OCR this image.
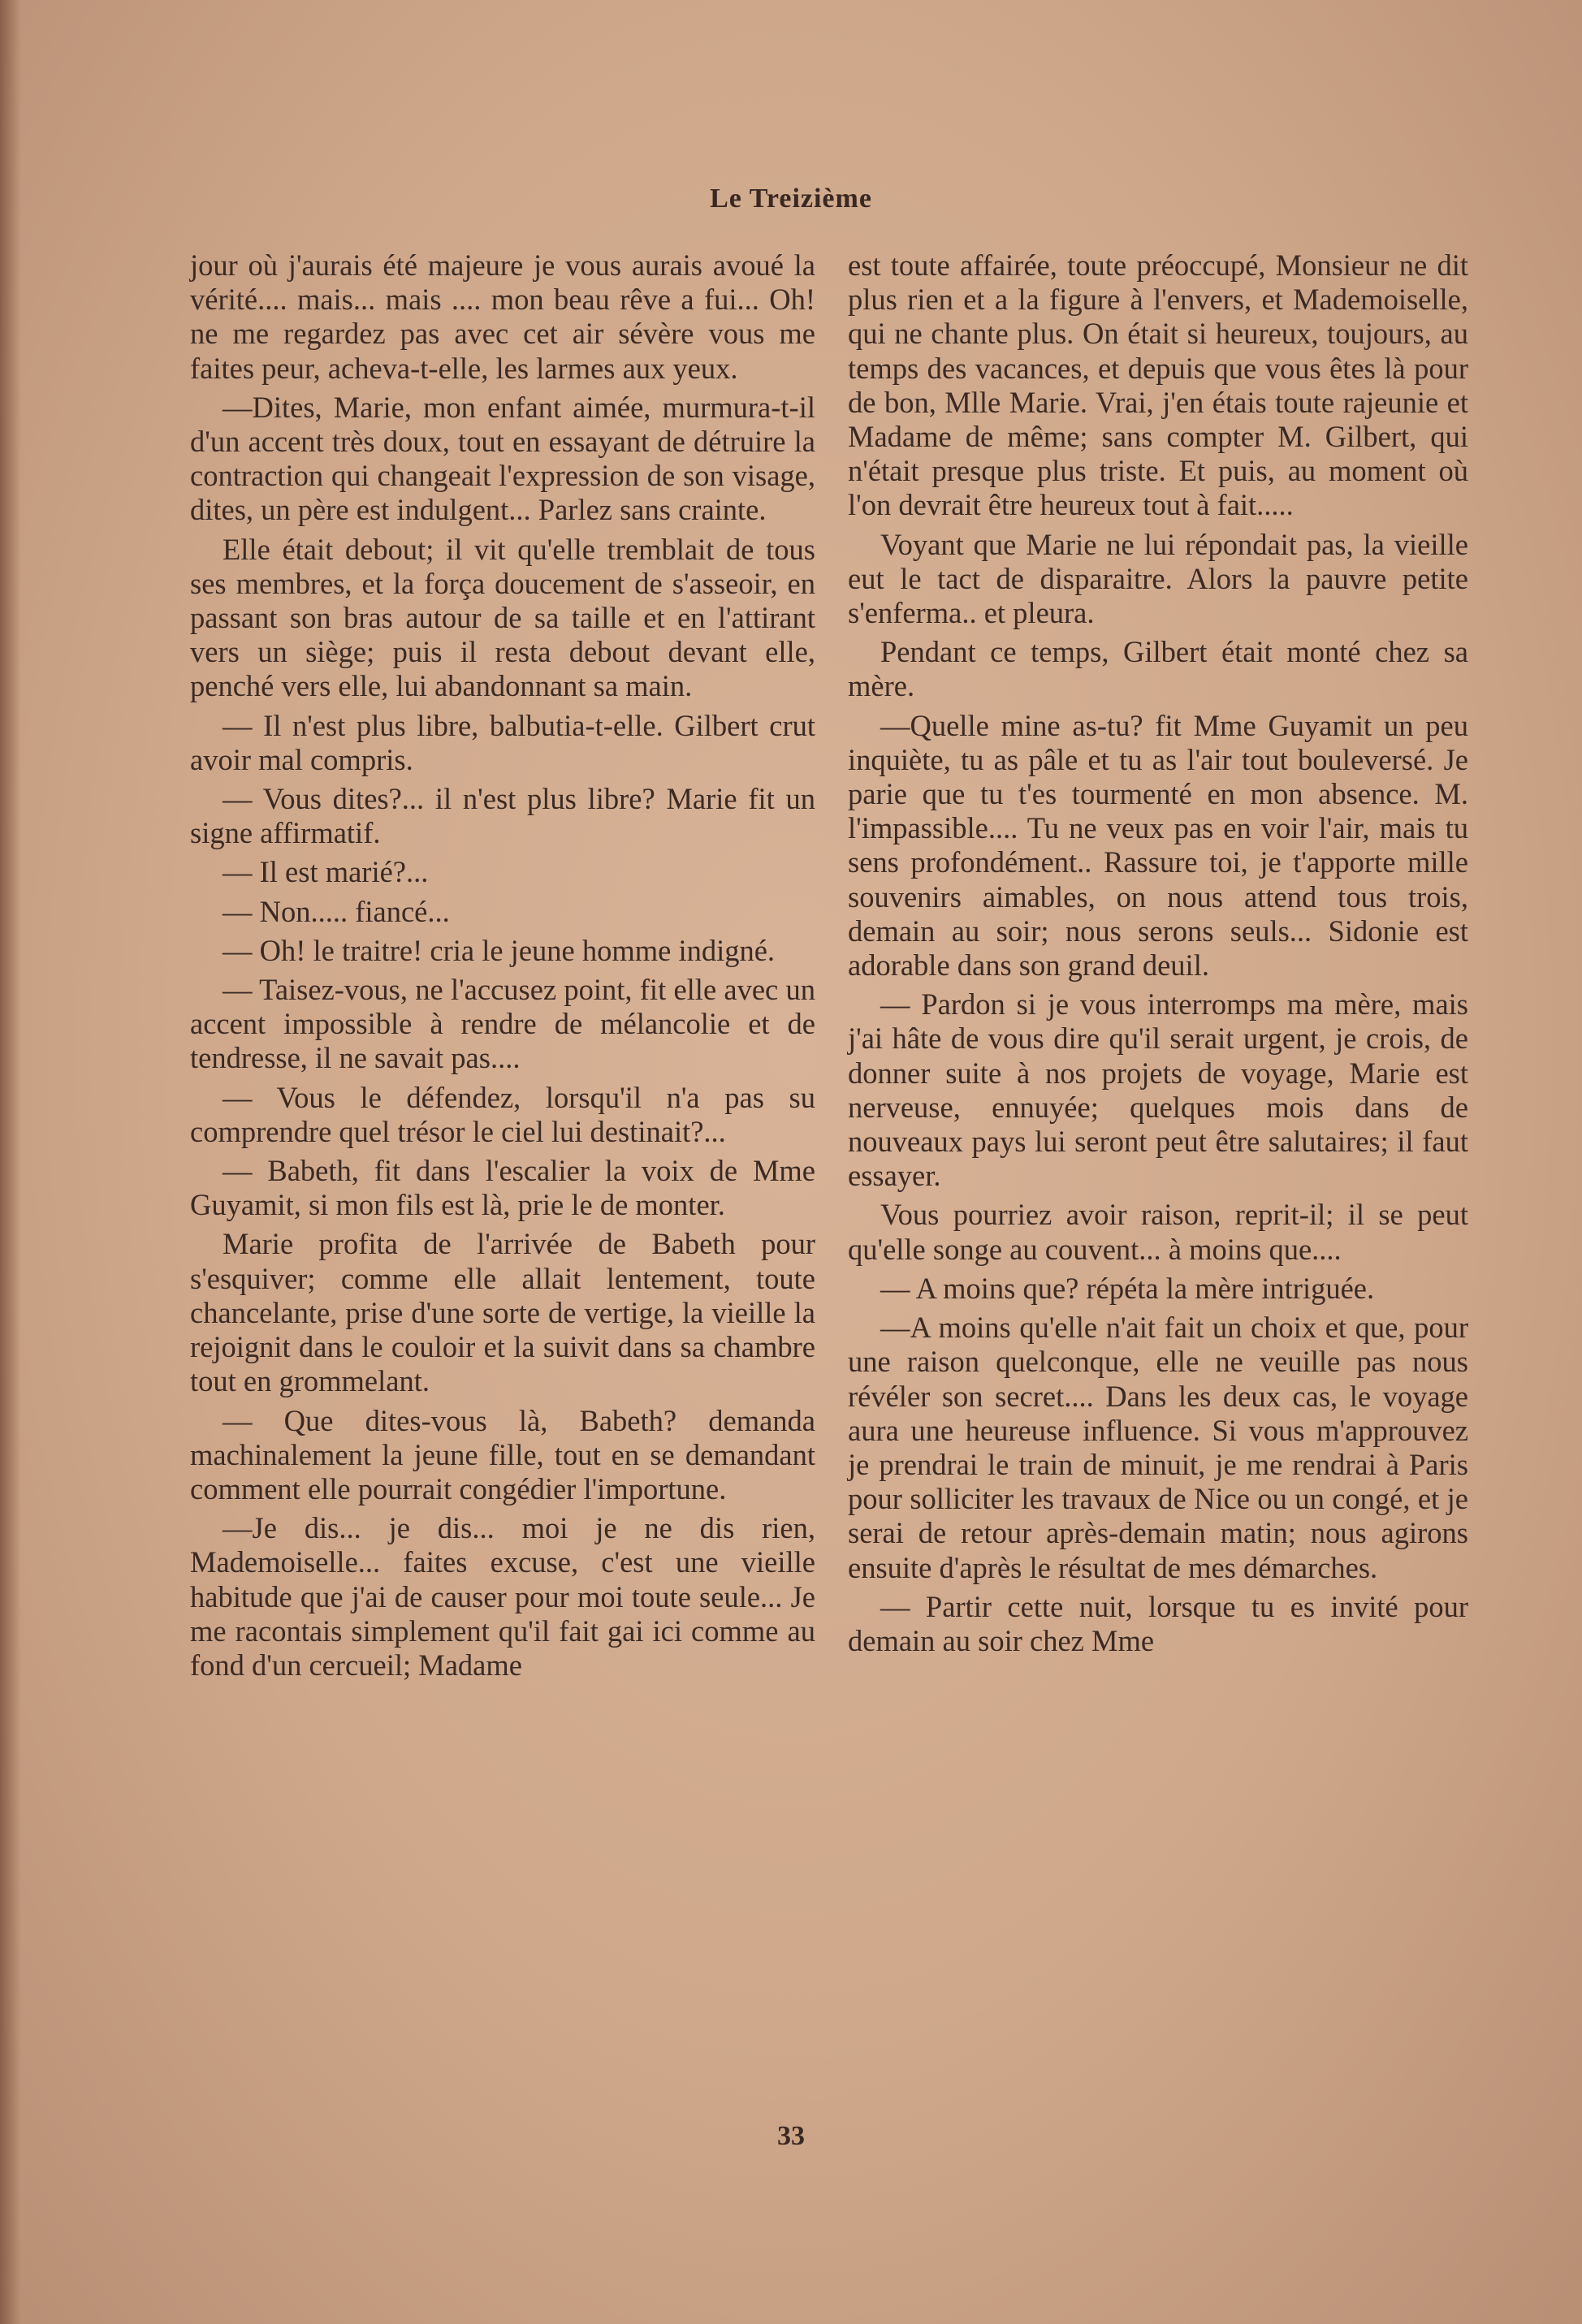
Le Treizième

jour où j'aurais été majeure je vous aurais avoué la vérité.... mais... mais .... mon beau rêve a fui... Oh! ne me regardez pas avec cet air sévère vous me faites peur, acheva-t-elle, les larmes aux yeux.

—Dites, Marie, mon enfant aimée, murmura-t-il d'un accent très doux, tout en essayant de détruire la contraction qui changeait l'expression de son visage, dites, un père est indulgent... Parlez sans crainte.

Elle était debout; il vit qu'elle tremblait de tous ses membres, et la força doucement de s'asseoir, en passant son bras autour de sa taille et en l'attirant vers un siège; puis il resta debout devant elle, penché vers elle, lui abandonnant sa main.

— Il n'est plus libre, balbutia-t-elle. Gilbert crut avoir mal compris.

— Vous dites?... il n'est plus libre? Marie fit un signe affirmatif.

— Il est marié?...

— Non..... fiancé...

— Oh! le traitre! cria le jeune homme indigné.

— Taisez-vous, ne l'accusez point, fit elle avec un accent impossible à rendre de mélancolie et de tendresse, il ne savait pas....

— Vous le défendez, lorsqu'il n'a pas su comprendre quel trésor le ciel lui destinait?...

— Babeth, fit dans l'escalier la voix de Mme Guyamit, si mon fils est là, prie le de monter.

Marie profita de l'arrivée de Babeth pour s'esquiver; comme elle allait lentement, toute chancelante, prise d'une sorte de vertige, la vieille la rejoignit dans le couloir et la suivit dans sa chambre tout en grommelant.

— Que dites-vous là, Babeth? demanda machinalement la jeune fille, tout en se demandant comment elle pourrait congédier l'importune.

—Je dis... je dis... moi je ne dis rien, Mademoiselle... faites excuse, c'est une vieille habitude que j'ai de causer pour moi toute seule... Je me racontais simplement qu'il fait gai ici comme au fond d'un cercueil; Madame

est toute affairée, toute préoccupé, Monsieur ne dit plus rien et a la figure à l'envers, et Mademoiselle, qui ne chante plus. On était si heureux, toujours, au temps des vacances, et depuis que vous êtes là pour de bon, Mlle Marie. Vrai, j'en étais toute rajeunie et Madame de même; sans compter M. Gilbert, qui n'était presque plus triste. Et puis, au moment où l'on devrait être heureux tout à fait.....

Voyant que Marie ne lui répondait pas, la vieille eut le tact de disparaitre. Alors la pauvre petite s'enferma.. et pleura.

Pendant ce temps, Gilbert était monté chez sa mère.

—Quelle mine as-tu? fit Mme Guyamit un peu inquiète, tu as pâle et tu as l'air tout bouleversé. Je parie que tu t'es tourmenté en mon absence. M. l'impassible.... Tu ne veux pas en voir l'air, mais tu sens profondément.. Rassure toi, je t'apporte mille souvenirs aimables, on nous attend tous trois, demain au soir; nous serons seuls... Sidonie est adorable dans son grand deuil.

— Pardon si je vous interromps ma mère, mais j'ai hâte de vous dire qu'il serait urgent, je crois, de donner suite à nos projets de voyage, Marie est nerveuse, ennuyée; quelques mois dans de nouveaux pays lui seront peut être salutaires; il faut essayer.

Vous pourriez avoir raison, reprit-il; il se peut qu'elle songe au couvent... à moins que....

— A moins que? répéta la mère intriguée.

—A moins qu'elle n'ait fait un choix et que, pour une raison quelconque, elle ne veuille pas nous révéler son secret.... Dans les deux cas, le voyage aura une heureuse influence. Si vous m'approuvez je prendrai le train de minuit, je me rendrai à Paris pour solliciter les travaux de Nice ou un congé, et je serai de retour après-demain matin; nous agirons ensuite d'après le résultat de mes démarches.

— Partir cette nuit, lorsque tu es invité pour demain au soir chez Mme

33
